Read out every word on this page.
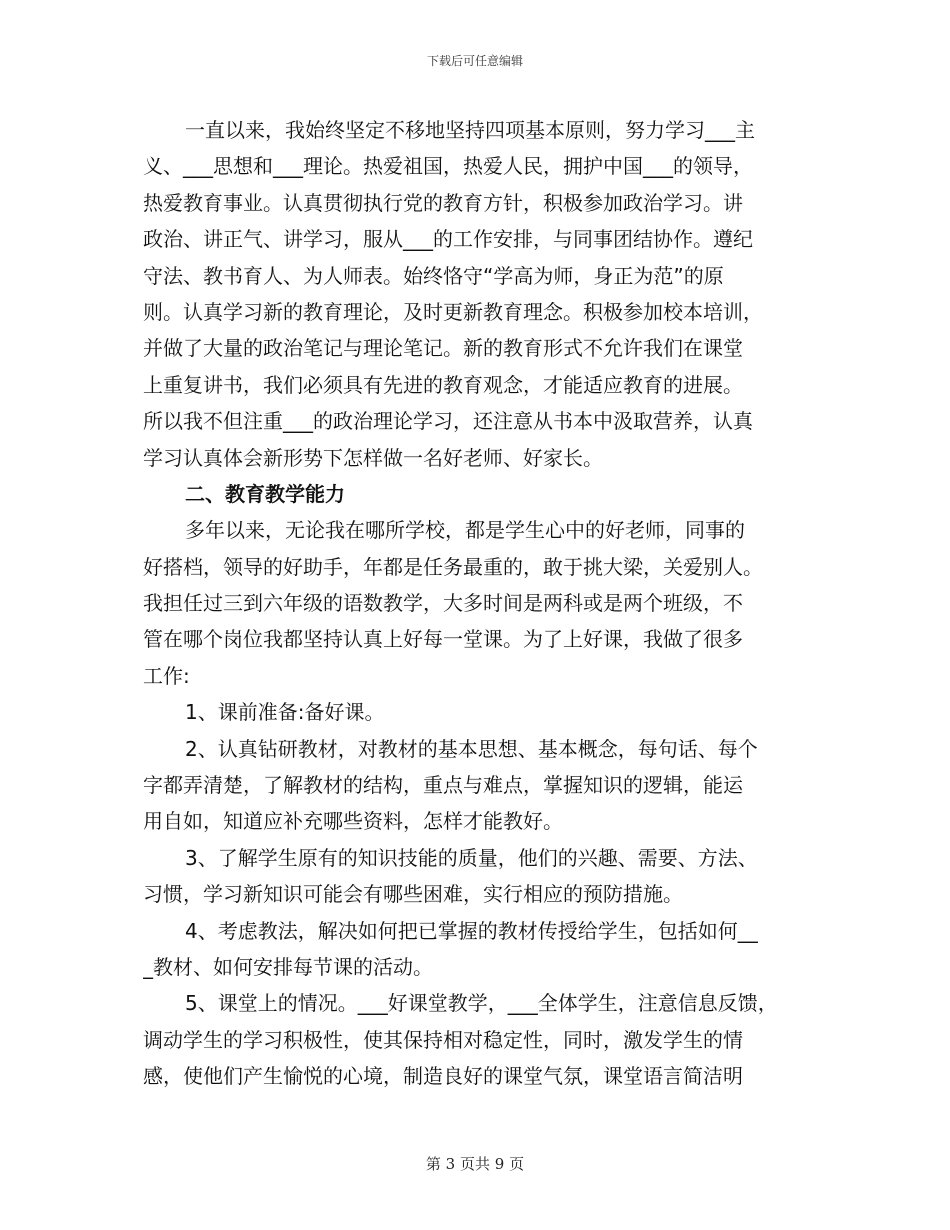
下载后可任意编辑
一直以来，我始终坚定不移地坚持四项基本原则，努力学习___主
义、___思想和___理论。热爱祖国，热爱人民，拥护中国___的领导，
热爱教育事业。认真贯彻执行党的教育方针，积极参加政治学习。讲
政治、讲正气、讲学习，服从___的工作安排，与同事团结协作。遵纪
守法、教书育人、为人师表。始终恪守“学高为师，身正为范”的原
则。认真学习新的教育理论，及时更新教育理念。积极参加校本培训，
并做了大量的政治笔记与理论笔记。新的教育形式不允许我们在课堂
上重复讲书，我们必须具有先进的教育观念，才能适应教育的进展。
所以我不但注重___的政治理论学习，还注意从书本中汲取营养，认真
学习认真体会新形势下怎样做一名好老师、好家长。
二、教育教学能力
多年以来，无论我在哪所学校，都是学生心中的好老师，同事的
好搭档，领导的好助手，年都是任务最重的，敢于挑大梁，关爱别人。
我担任过三到六年级的语数教学，大多时间是两科或是两个班级，不
管在哪个岗位我都坚持认真上好每一堂课。为了上好课，我做了很多
工作:
1、课前准备:备好课。
2、认真钻研教材，对教材的基本思想、基本概念，每句话、每个
字都弄清楚，了解教材的结构，重点与难点，掌握知识的逻辑，能运
用自如，知道应补充哪些资料，怎样才能教好。
3、了解学生原有的知识技能的质量，他们的兴趣、需要、方法、
习惯，学习新知识可能会有哪些困难，实行相应的预防措施。
4、考虑教法，解决如何把已掌握的教材传授给学生，包括如何__
_教材、如何安排每节课的活动。
5、课堂上的情况。___好课堂教学，___全体学生，注意信息反馈，
调动学生的学习积极性，使其保持相对稳定性，同时，激发学生的情
感，使他们产生愉悦的心境，制造良好的课堂气氛，课堂语言简洁明
第 3 页共 9 页
